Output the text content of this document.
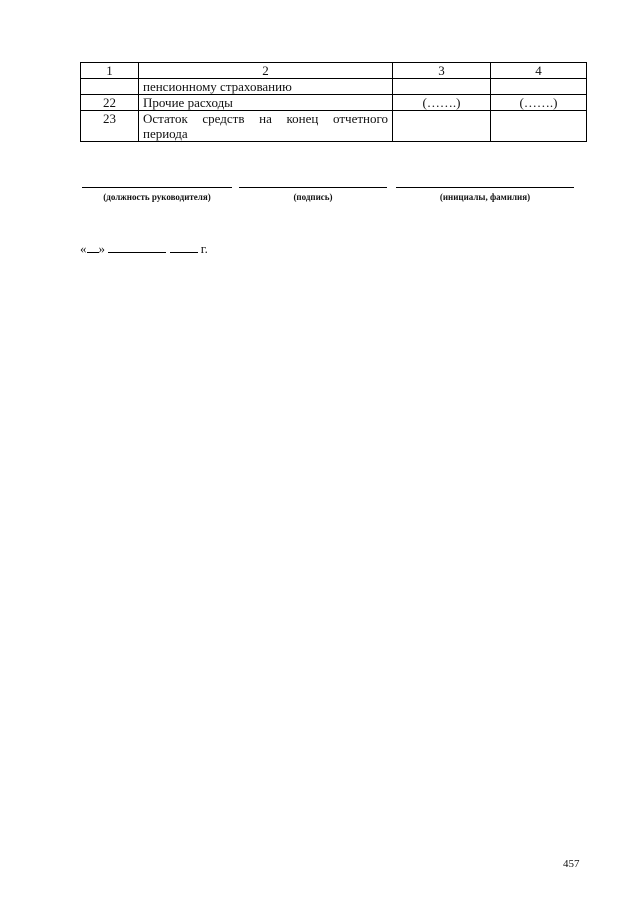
1	2	3	4
	пенсионному страхованию		
22	Прочие расходы	(…….)	(…….)
23	Остаток средств на конец отчетного периода		
(должность руководителя)	(подпись)	(инициалы, фамилия)
« »	г.
457
